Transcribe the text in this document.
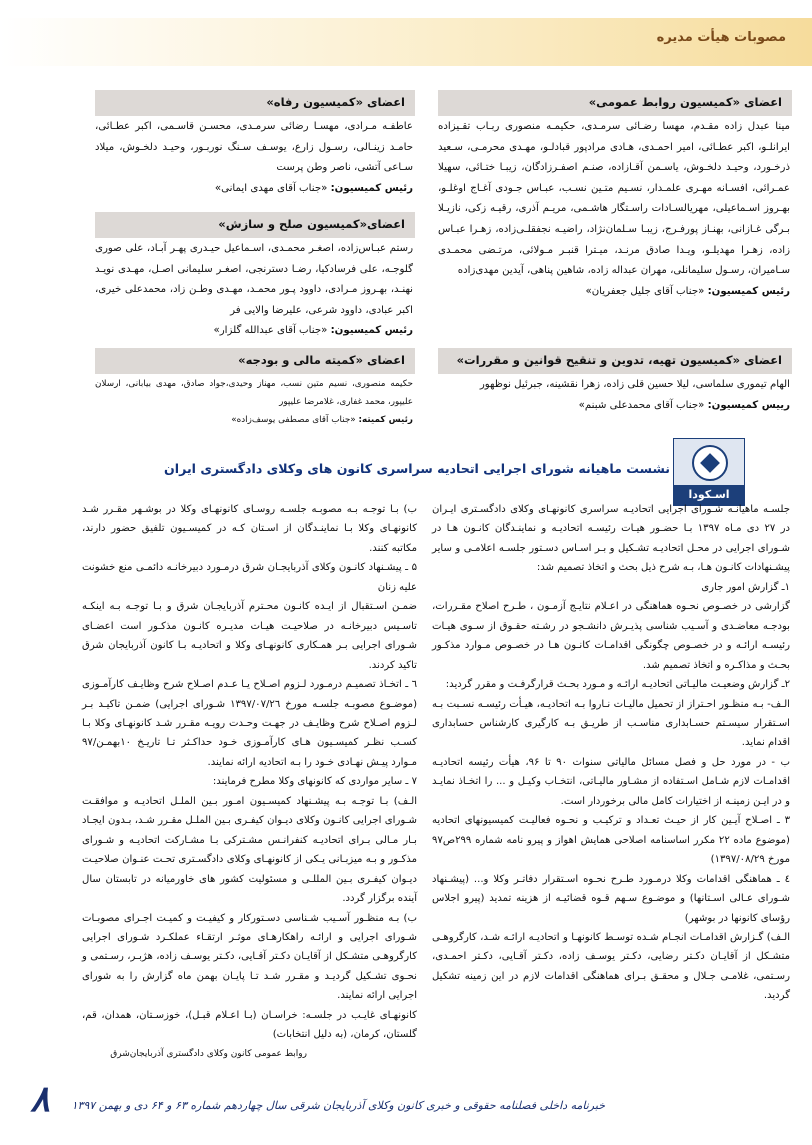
مصوبات هیأت مدیره
اعضای «کمیسیون روابط عمومی»

مینا عبدل زاده مقـدم، مهسا رضـائی سرمـدی، حکیمـه منصوری ربـاب تقـیزاده ایرانلـو، اکبر عطـائی، امیر احمـدی، هـادی مرادپور قبادلـو، مهـدی محرمـی، سـعید ذرخـورد، وحیـد دلخـوش، یاسـمن آقـازاده، صنـم اصفـرزادگان، زیبـا ختـائی، سهیلا عمـرائی، افسـانه مهـری علمـدار، نسـیم متـین نسـب، عبـاس جـودی آغـاج اوغلـو، بهـروز اسـماعیلی، مهریالسـادات راسـتگار هاشـمی، مریـم آذری، رقیـه زکی، نازیـلا بـرگی غـازانی، بهنـاز پورفـرج، زیبـا سـلمان‌نژاد، راضیـه نجفقلـی‌زاده، زهـرا عبـاس زاده، زهـرا مهدیلـو، ویـدا صادق مرنـد، میـترا قنبـر مـولائی، مرتـضی محمـدی سـامیران، رسـول سلیمانلی، مهران عبداله زاده، شاهین پناهی، آیدین مهدی‌زاده

رئیس کمیسیون: «جناب آقای جلیل جعفریان»

اعضای «کمیسیون رفاه»

عاطفـه مـرادی، مهسـا رضائی سرمـدی، محسـن قاسـمی، اکبر عطـائی، حامـد زینـالی، رسـول زارع، یوسـف سـنگ نوربـور، وحیـد دلخـوش، میلاد سـاعی آتشی، ناصر وطن پرست

رئیس کمیسیون: «جناب آقای مهدی ایمانی»

اعضای«کمیسیون صلح و سازش»

رستم عبـاس‌زاده، اصغـر محمـدی، اسـماعیل حیـدری پهـر آبـاد، علی صوری گلوجـه، علی فرسادکیا، رضـا دسترنجی، اصغـر سلیمانی اصـل، مهـدی نویـد نهنـد، بهـروز مـرادی، داوود پـور محمـد، مهـدی وطـن زاد، محمدعلی خیری، اکبر عبادی، داوود شرعی، علیرضا والایی فر

رئیس کمیسیون: «جناب آقای عبدالله گلزار»

اعضای «کمیسیون تهیه، تدوین و تنقیح قوانین و مقررات»

الهام تیموری سلماسی، لیلا حسین قلی زاده، زهرا نقشینه، جبرئیل نوظهور

رییس کمیسیون: «جناب آقای محمدعلی شبنم»

اعضای «کمیته مالی و بودجه»

حکیمه منصوری، نسیم متین نسب، مهناز وحیدی،جواد صادق، مهدی بیابانی، ارسلان علیپور، محمد غفاری، غلامرضا علیپور

رئیس کمیته: «جناب آقای مصطفی یوسف‌زاده»

اسـکودا
نشست ماهیانه شورای اجرایی اتحادیه سراسری کانون های وکلای دادگستری ایران

جلسـه ماهیانـه شـورای اجرایی اتحادیـه سراسری کانونهـای وکلای دادگسـتری ایـران در ۲۷ دی مـاه ۱۳۹۷ بـا حضـور هیـات رئیسـه اتحادیـه و نماینـدگان کانـون هـا در شـورای اجرایی در محـل اتحادیـه تشـکیل و بـر اسـاس دسـتور جلسـه اعلامـی و سایر پیشـنهادات کانـون هـا، بـه شرح ذیل بحث و اتخاذ تصمیم شد:

۱ـ گزارش امور جاری

گزارشی در خصـوص نحـوه هماهنگی در اعـلام نتایـج آزمـون ، طـرح اصلاح مقـررات، بودجـه معاضـدی و آسـیب شناسی پذیـرش دانشـجو در رشـته حقـوق از سـوی هیـات رئیسـه ارائـه و در خصـوص چگونگی اقدامـات کانـون هـا در خصـوص مـوارد مذکـور بحـث و مذاکـره و اتخاذ تصمیم شد.

۲ـ گزارش وضعیـت مالیـاتی اتحادیـه ارائـه و مـورد بحـث قرارگرفـت و مقرر گردید:

الـف- بـه منظـور احـتراز از تحمیل مالیـات نـاروا بـه اتحادیـه، هیـأت رئیسـه نسـبت بـه اسـتقرار سیسـتم حسـابداری مناسـب از طریـق بـه کارگیری کارشناس حسابداری اقدام نماید.

ب - در مورد حل و فصل مسائل مالیاتی سنوات ۹۰ تا ۹۶، هیأت رئیسه اتحادیـه اقدامـات لازم شـامل اسـتفاده از مشـاور مالیـاتی، انتخـاب وکیـل و ... را اتخـاذ نمایـد و در ایـن زمینـه از اختیارات کامل مالی برخوردار است.

۳ ـ اصـلاح آیـین کار از حیـث تعـداد و ترکیـب و نحـوه فعالیـت کمیسیونهای اتحادیه (موضوع ماده ۲۲ مکرر اساسنامه اصلاحی همایش اهواز و پیرو نامه شماره ۲۹۹ص۹۷ مورخ ۱۳۹۷/۰۸/۲۹)

٤ ـ هماهنگی اقدامات وکلا درمـورد طـرح نحـوه اسـتقرار دفاتـر وکلا و... (پیشـنهاد شـورای عـالی اسـتانها) و موضـوع سـهم قـوه قضائیـه از هزینه تمدید (پیرو اجلاس رؤسای کانونها در بوشهر)

الـف) گـزارش اقدامـات انجـام شـده توسـط کانونهـا و اتحادیـه ارائـه شـد، کارگروهـی متشـکل از آقایـان دکـتر رضایی، دکـتر یوسـف زاده، دکـتر آقـایی، دکـتر احمـدی، رسـتمی، غلامـی جـلال و محقـق بـرای هماهنگی اقدامات لازم در این زمینه تشکیل گردید.

ب) بـا توجـه بـه مصوبـه جلسـه روسـای کانونهـای وکلا در بوشـهر مقـرر شـد کانونهـای وکلا بـا نماینـدگان از اسـتان کـه در کمیسـیون تلفیق حضور دارند، مکاتبه کنند.

۵ ـ پیشـنهاد کانـون وکلای آذربایجـان شرق درمـورد دبیرخانـه دائمـی منع خشونت علیه زنان

ضمـن اسـتقبال از ایـده کانـون محـترم آذربایجـان شرق و بـا توجـه بـه اینکـه تاسـیس دبیرخانـه در صلاحیـت هیـات مدیـره کانـون مذکـور است اعضـای شـورای اجرایی بـر همـکاری کانونهـای وکلا و اتحادیـه بـا کانون آذربایجان شرق تاکید کردند.

٦ ـ اتخـاذ تصمیـم درمـورد لـزوم اصـلاح یـا عـدم اصـلاح شرح وظایـف کارآمـوزی (موضـوع مصوبـه جلسـه مورخ ۱۳۹۷/۰۷/۲٦ شـورای اجرایی) ضمـن تاکیـد بـر لـزوم اصـلاح شرح وظایـف در جهـت وحـدت رویـه مقـرر شـد کانونهـای وکلا بـا کسـب نظـر کمیسـیون هـای کارآمـوزی خـود حداکـثر تـا تاریـخ ۱۰بهمـن/۹۷ مـوارد پیـش نهـادی خـود را بـه اتحادیه ارائه نمایند.

۷ ـ سایر مواردی که کانونهای وکلا مطرح فرمایند:

الـف) بـا توجـه بـه پیشـنهاد کمیسـیون امـور بـین الملـل اتحادیـه و موافقـت شـورای اجرایی کانـون وکلای دیـوان کیفـری بـین الملـل مقـرر شـد، بـدون ایجـاد بـار مـالی بـرای اتحادیـه کنفرانـس مشـترکی بـا مشـارکت اتحادیـه و شـورای مذکـور و بـه میزبـانی یـکی از کانونهـای وکلای دادگسـتری تحـت عنـوان صلاحیـت دیـوان کیفـری بـین المللـی و مسئولیت کشور های خاورمیانه در تابستان سال آینده برگزار گردد.

ب) بـه منظـور آسـیب شـناسی دسـتورکار و کیفیـت و کمیـت اجـرای مصوبـات شـورای اجرایی و ارائـه راهکارهـای موثـر ارتقـاء عملکـرد شـورای اجرایی کارگروهـی متشـکل از آقایـان دکـتر آقـایی، دکـتر یوسـف زاده، هژبـر، رسـتمی و نحـوی تشـکیل گردیـد و مقـرر شـد تـا پایـان بهمن ماه گزارش را به شورای اجرایی ارائه نمایند.

کانونهـای غایـب در جلسـه: خراسـان (بـا اعـلام قبـل)، خوزسـتان، همدان، قم، گلستان، کرمان، (به دلیل انتخابات)

روابط عمومی کانون وکلای دادگستری آذربایجان‌شرق

خبرنامه داخلی فصلنامه حقوقی و خبری کانون وکلای آذربایجان شرقی سال چهاردهم شماره ۶۳ و ۶۴ دی و بهمن ۱۳۹۷
۸
